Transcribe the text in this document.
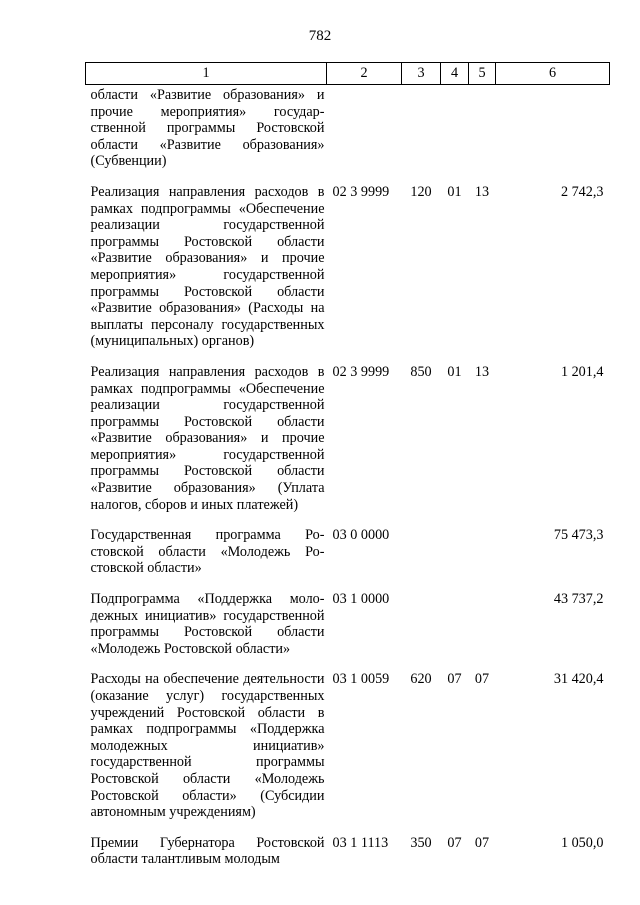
782
1	2	3	4	5	6
области «Развитие образования» и прочие мероприятия» государственной программы Ростовской области «Развитие образования» (Субвенции)					
Реализация направления расходов в рамках подпрограммы «Обеспечение реализации государственной программы Ростовской области «Развитие образования» и прочие мероприятия» государственной программы Ростовской области «Развитие образования» (Расходы на выплаты персоналу государственных (муниципальных) органов)	02 3 9999	120	01	13	2 742,3
Реализация направления расходов в рамках подпрограммы «Обеспечение реализации государственной программы Ростовской области «Развитие образования» и прочие мероприятия» государственной программы Ростовской области «Развитие образования» (Уплата налогов, сборов и иных платежей)	02 3 9999	850	01	13	1 201,4
Государственная программа Ростовской области «Молодежь Ростовской области»	03 0 0000				75 473,3
Подпрограмма «Поддержка молодежных инициатив» государственной программы Ростовской области «Молодежь Ростовской области»	03 1 0000				43 737,2
Расходы на обеспечение деятельности (оказание услуг) государственных учреждений Ростовской области в рамках подпрограммы «Поддержка молодежных инициатив» государственной программы Ростовской области «Молодежь Ростовской области» (Субсидии автономным учреждениям)	03 1 0059	620	07	07	31 420,4
Премии Губернатора Ростовской области талантливым молодым	03 1 1113	350	07	07	1 050,0
